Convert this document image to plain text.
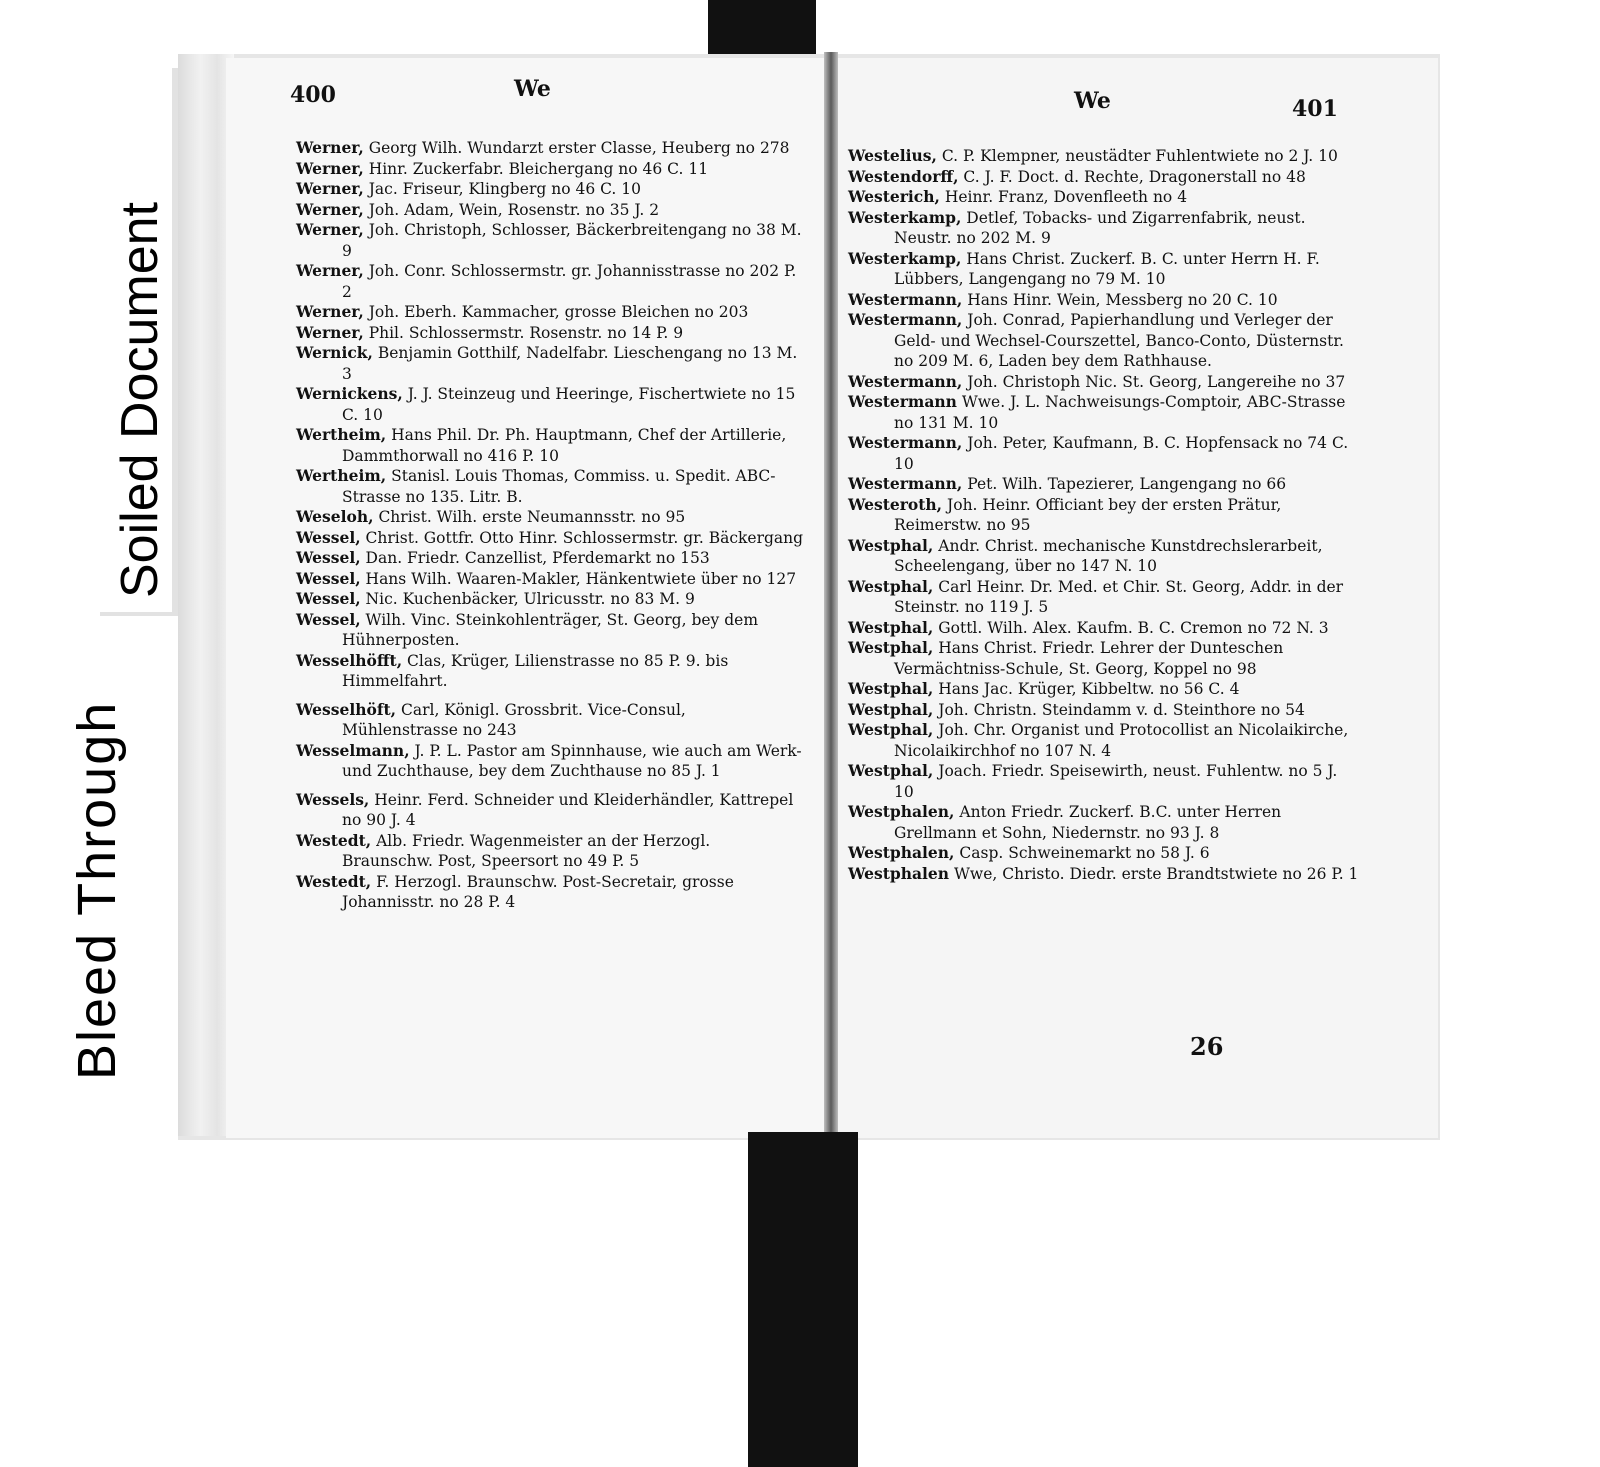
Soiled Document
Bleed Through
400	We	We	401

Werner, Georg Wilh. Wundarzt erster Classe, Heuberg no 278

Werner, Hinr. Zuckerfabr. Bleichergang no 46 C. 11

Werner, Jac. Friseur, Klingberg no 46 C. 10

Werner, Joh. Adam, Wein, Rosenstr. no 35 J. 2

Werner, Joh. Christoph, Schlosser, Bäckerbreitengang no 38 M. 9

Werner, Joh. Conr. Schlossermstr. gr. Johannisstrasse no 202 P. 2

Werner, Joh. Eberh. Kammacher, grosse Bleichen no 203

Werner, Phil. Schlossermstr. Rosenstr. no 14 P. 9

Wernick, Benjamin Gotthilf, Nadelfabr. Lieschengang no 13 M. 3

Wernickens, J. J. Steinzeug und Heeringe, Fischertwiete no 15 C. 10

Wertheim, Hans Phil. Dr. Ph. Hauptmann, Chef der Artillerie, Dammthorwall no 416 P. 10

Wertheim, Stanisl. Louis Thomas, Commiss. u. Spedit. ABC-Strasse no 135. Litr. B.

Weseloh, Christ. Wilh. erste Neumannsstr. no 95

Wessel, Christ. Gottfr. Otto Hinr. Schlossermstr. gr. Bäckergang

Wessel, Dan. Friedr. Canzellist, Pferdemarkt no 153

Wessel, Hans Wilh. Waaren-Makler, Hänkentwiete über no 127

Wessel, Nic. Kuchenbäcker, Ulricusstr. no 83 M. 9

Wessel, Wilh. Vinc. Steinkohlenträger, St. Georg, bey dem Hühnerposten.

Wesselhöfft, Clas, Krüger, Lilienstrasse no 85 P. 9. bis Himmelfahrt.

Wesselhöft, Carl, Königl. Grossbrit. Vice-Consul, Mühlenstrasse no 243

Wesselmann, J. P. L. Pastor am Spinnhause, wie auch am Werk- und Zuchthause, bey dem Zuchthause no 85 J. 1

Wessels, Heinr. Ferd. Schneider und Kleiderhändler, Kattrepel no 90 J. 4

Westedt, Alb. Friedr. Wagenmeister an der Herzogl. Braunschw. Post, Speersort no 49 P. 5

Westedt, F. Herzogl. Braunschw. Post-Secretair, grosse Johannisstr. no 28 P. 4

Westelius, C. P. Klempner, neustädter Fuhlentwiete no 2 J. 10

Westendorff, C. J. F. Doct. d. Rechte, Dragonerstall no 48

Westerich, Heinr. Franz, Dovenfleeth no 4

Westerkamp, Detlef, Tobacks- und Zigarrenfabrik, neust. Neustr. no 202 M. 9

Westerkamp, Hans Christ. Zuckerf. B. C. unter Herrn H. F. Lübbers, Langengang no 79 M. 10

Westermann, Hans Hinr. Wein, Messberg no 20 C. 10

Westermann, Joh. Conrad, Papierhandlung und Verleger der Geld- und Wechsel-Courszettel, Banco-Conto, Düsternstr. no 209 M. 6, Laden bey dem Rathhause.

Westermann, Joh. Christoph Nic. St. Georg, Langereihe no 37

Westermann Wwe. J. L. Nachweisungs-Comptoir, ABC-Strasse no 131 M. 10

Westermann, Joh. Peter, Kaufmann, B. C. Hopfensack no 74 C. 10

Westermann, Pet. Wilh. Tapezierer, Langengang no 66

Westeroth, Joh. Heinr. Officiant bey der ersten Prätur, Reimerstw. no 95

Westphal, Andr. Christ. mechanische Kunstdrechslerarbeit, Scheelengang, über no 147 N. 10

Westphal, Carl Heinr. Dr. Med. et Chir. St. Georg, Addr. in der Steinstr. no 119 J. 5

Westphal, Gottl. Wilh. Alex. Kaufm. B. C. Cremon no 72 N. 3

Westphal, Hans Christ. Friedr. Lehrer der Dunteschen Vermächtniss-Schule, St. Georg, Koppel no 98

Westphal, Hans Jac. Krüger, Kibbeltw. no 56 C. 4

Westphal, Joh. Christn. Steindamm v. d. Steinthore no 54

Westphal, Joh. Chr. Organist und Protocollist an Nicolaikirche, Nicolaikirchhof no 107 N. 4

Westphal, Joach. Friedr. Speisewirth, neust. Fuhlentw. no 5 J. 10

Westphalen, Anton Friedr. Zuckerf. B.C. unter Herren Grellmann et Sohn, Niedernstr. no 93 J. 8

Westphalen, Casp. Schweinemarkt no 58 J. 6

Westphalen Wwe, Christo. Diedr. erste Brandtstwiete no 26 P. 1

26
